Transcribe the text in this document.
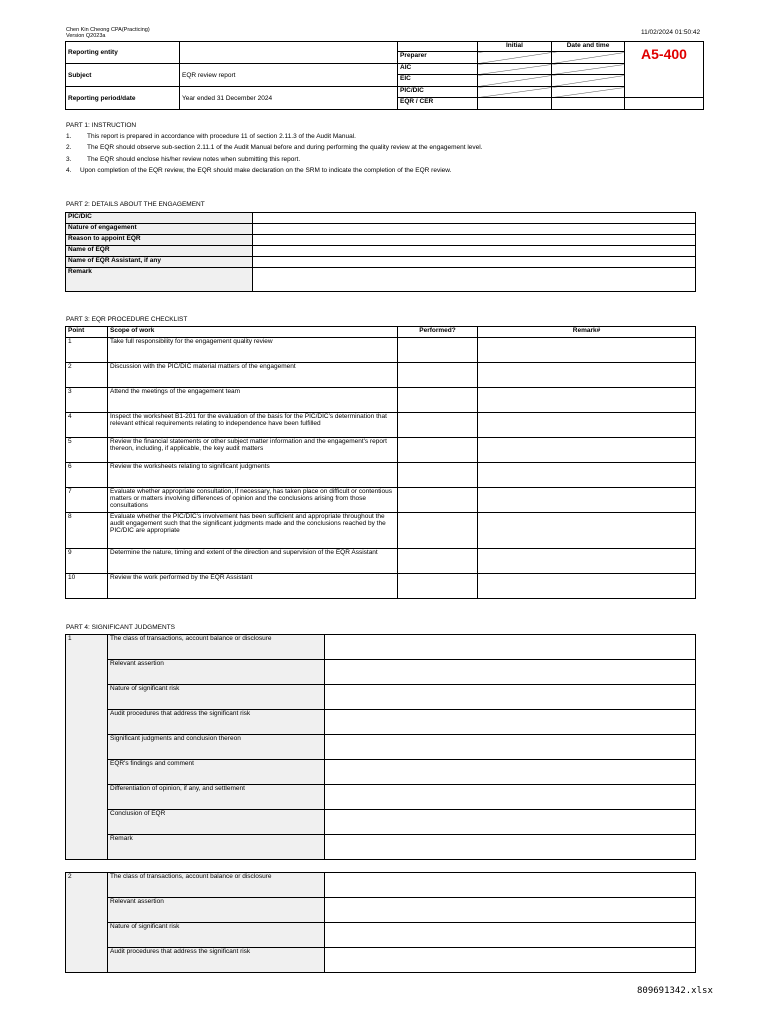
Chen Kin Cheong CPA(Practicing)
Version Q2023a	11/02/2024 01:50:42
Reporting entity			Initial	Date and time	A5-400
		Preparer			
Subject	EQR review report	AIC			
		EIC			
Reporting period/date	Year ended 31 December 2024	PIC/DIC			
		EQR / CER			
PART 1: INSTRUCTION
1. This report is prepared in accordance with procedure 11 of section 2.11.3 of the Audit Manual.
2. The EQR should observe sub-section 2.11.1 of the Audit Manual before and during performing the quality review at the engagement level.
3. The EQR should enclose his/her review notes when submitting this report.
4. Upon completion of the EQR review, the EQR should make declaration on the SRM to indicate the completion of the EQR review.
PART 2: DETAILS ABOUT THE ENGAGEMENT
PIC/DIC	
Nature of engagement	
Reason to appoint EQR	
Name of EQR	
Name of EQR Assistant, if any	
Remark	
PART 3: EQR PROCEDURE CHECKLIST
Point	Scope of work	Performed?	Remark#
1	Take full responsibility for the engagement quality review		
2	Discussion with the PIC/DIC material matters of the engagement		
3	Attend the meetings of the engagement team		
4	Inspect the worksheet B1-201 for the evaluation of the basis for the PIC/DIC's determination that relevant ethical requirements relating to independence have been fulfilled		
5	Review the financial statements or other subject matter information and the engagement's report thereon, including, if applicable, the key audit matters		
6	Review the worksheets relating to significant judgments		
7	Evaluate whether appropriate consultation, if necessary, has taken place on difficult or contentious matters or matters involving differences of opinion and the conclusions arising from those consultations		
8	Evaluate whether the PIC/DIC's involvement has been sufficient and appropriate throughout the audit engagement such that the significant judgments made and the conclusions reached by the PIC/DIC are appropriate		
9	Determine the nature, timing and extent of the direction and supervision of the EQR Assistant		
10	Review the work performed by the EQR Assistant		
PART 4: SIGNIFICANT JUDGMENTS
1	The class of transactions, account balance or disclosure	
	Relevant assertion	
	Nature of significant risk	
	Audit procedures that address the significant risk	
	Significant judgments and conclusion thereon	
	EQR's findings and comment	
	Differentiation of opinion, if any, and settlement	
	Conclusion of EQR	
	Remark	
2	The class of transactions, account balance or disclosure	
	Relevant assertion	
	Nature of significant risk	
	Audit procedures that address the significant risk	
809691342.xlsx
